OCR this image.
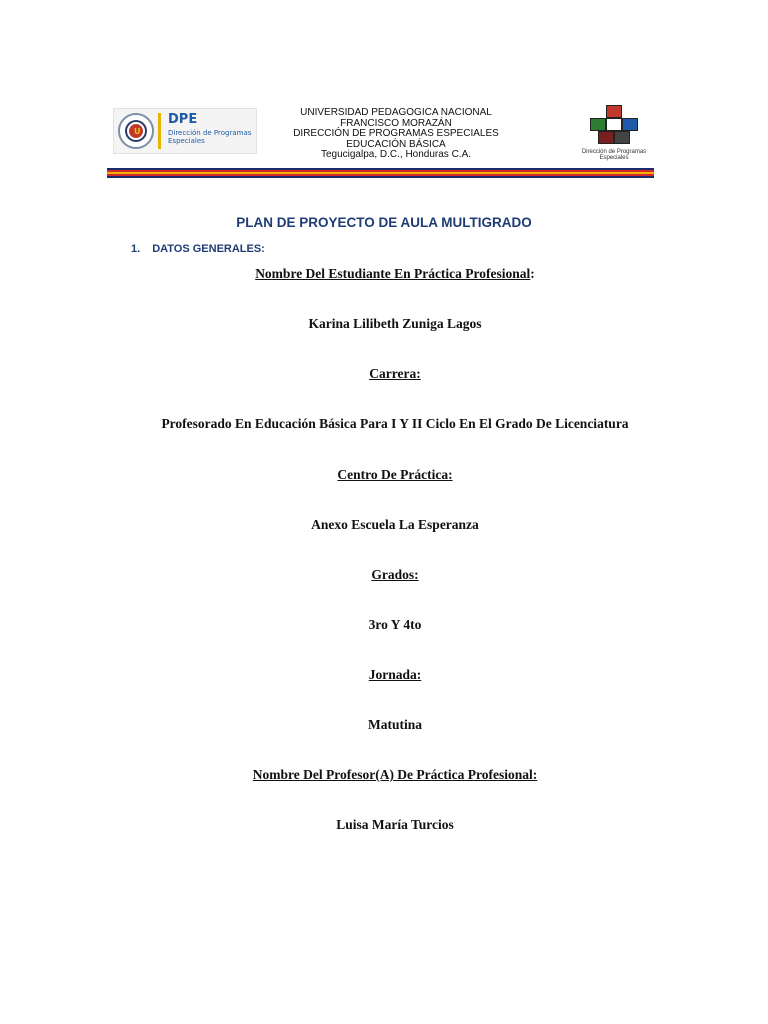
U
DPE
Dirección de Programas Especiales
UNIVERSIDAD PEDAGOGICA NACIONAL
FRANCISCO MORAZÁN
DIRECCIÓN DE PROGRAMAS ESPECIALES
EDUCACIÓN BÁSICA
Tegucigalpa, D.C., Honduras C.A.	Dirección de Programas Especiales
PLAN DE PROYECTO DE AULA MULTIGRADO
1. DATOS GENERALES:
Nombre Del Estudiante En Práctica Profesional:
Karina Lilibeth Zuniga Lagos
Carrera:
Profesorado En Educación Básica Para I Y II Ciclo En El Grado De Licenciatura
Centro De Práctica:
Anexo Escuela La Esperanza
Grados:
3ro Y 4to
Jornada:
Matutina
Nombre Del Profesor(A) De Práctica Profesional:
Luisa María Turcios
